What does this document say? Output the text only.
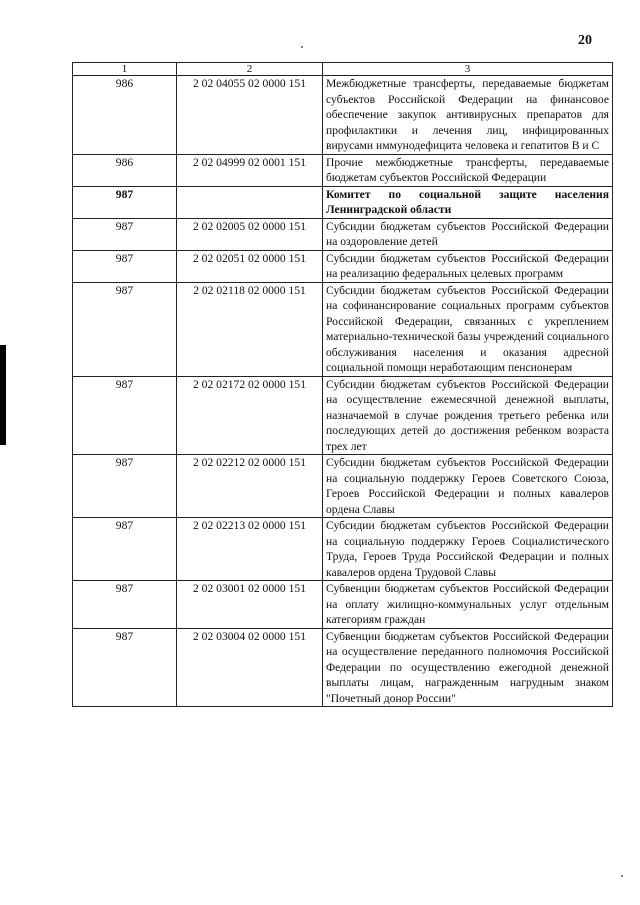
20
1	2	3
986	2 02 04055 02 0000 151	Межбюджетные трансферты, передаваемые бюджетам субъектов Российской Федерации на финансовое обеспечение закупок антивирусных препаратов для профилактики и лечения лиц, инфицированных вирусами иммунодефицита человека и гепатитов В и С
986	2 02 04999 02 0001 151	Прочие межбюджетные трансферты, передаваемые бюджетам субъектов Российской Федерации
987		Комитет по социальной защите населения Ленинградской области
987	2 02 02005 02 0000 151	Субсидии бюджетам субъектов Российской Федерации на оздоровление детей
987	2 02 02051 02 0000 151	Субсидии бюджетам субъектов Российской Федерации на реализацию федеральных целевых программ
987	2 02 02118 02 0000 151	Субсидии бюджетам субъектов Российской Федерации на софинансирование социальных программ субъектов Российской Федерации, связанных с укреплением материально-технической базы учреждений социального обслуживания населения и оказания адресной социальной помощи неработающим пенсионерам
987	2 02 02172 02 0000 151	Субсидии бюджетам субъектов Российской Федерации на осуществление ежемесячной денежной выплаты, назначаемой в случае рождения третьего ребенка или последующих детей до достижения ребенком возраста трех лет
987	2 02 02212 02 0000 151	Субсидии бюджетам субъектов Российской Федерации на социальную поддержку Героев Советского Союза, Героев Российской Федерации и полных кавалеров ордена Славы
987	2 02 02213 02 0000 151	Субсидии бюджетам субъектов Российской Федерации на социальную поддержку Героев Социалистического Труда, Героев Труда Российской Федерации и полных кавалеров ордена Трудовой Славы
987	2 02 03001 02 0000 151	Субвенции бюджетам субъектов Российской Федерации на оплату жилищно-коммунальных услуг отдельным категориям граждан
987	2 02 03004 02 0000 151	Субвенции бюджетам субъектов Российской Федерации на осуществление переданного полномочия Российской Федерации по осуществлению ежегодной денежной выплаты лицам, награжденным нагрудным знаком "Почетный донор России"
